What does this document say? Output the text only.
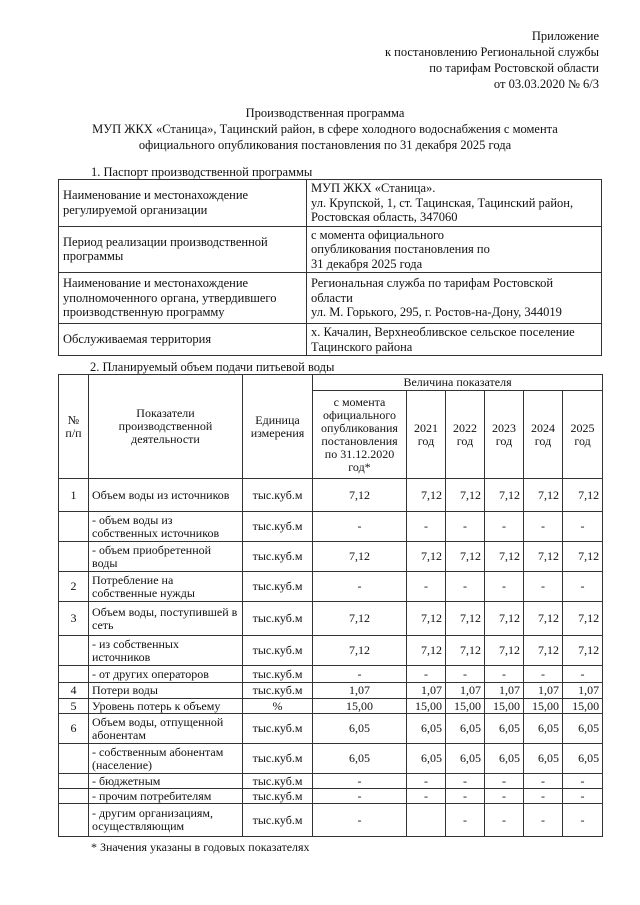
Приложение
к постановлению Региональной службы
по тарифам Ростовской области
от 03.03.2020 № 6/3
Производственная программа
МУП ЖКХ «Станица», Тацинский район, в сфере холодного водоснабжения с момента
официального опубликования постановления по 31 декабря 2025 года
1. Паспорт производственной программы
Наименование и местонахождение регулируемой организации	МУП ЖКХ «Станица».
ул. Крупской, 1, ст. Тацинская, Тацинский район,
Ростовская область, 347060

Период реализации производственной программы	с момента официального
опубликования постановления по
31 декабря 2025 года

Наименование и местонахождение уполномоченного органа, утвердившего производственную программу	Региональная служба по тарифам Ростовской
области
ул. М. Горького, 295, г. Ростов-на-Дону, 344019

Обслуживаемая территория	х. Качалин, Верхнеобливское сельское поселение
Тацинского района
2. Планируемый объем подачи питьевой воды
№ п/п	Показатели производственной деятельности	Единица измерения	Величина показателя					
			с момента официального опубликования постановления по 31.12.2020 год*	2021 год	2022 год	2023 год	2024 год	2025 год
1	Объем воды из источников	тыс.куб.м	7,12	7,12	7,12	7,12	7,12	7,12
	- объем воды из собственных источников	тыс.куб.м	-	-	-	-	-	-
	- объем приобретенной воды	тыс.куб.м	7,12	7,12	7,12	7,12	7,12	7,12
2	Потребление на собственные нужды	тыс.куб.м	-	-	-	-	-	-
3	Объем воды, поступившей в сеть	тыс.куб.м	7,12	7,12	7,12	7,12	7,12	7,12
	- из собственных источников	тыс.куб.м	7,12	7,12	7,12	7,12	7,12	7,12
	- от других операторов	тыс.куб.м	-	-	-	-	-	-
4	Потери воды	тыс.куб.м	1,07	1,07	1,07	1,07	1,07	1,07
5	Уровень потерь к объему	%	15,00	15,00	15,00	15,00	15,00	15,00
6	Объем воды, отпущенной абонентам	тыс.куб.м	6,05	6,05	6,05	6,05	6,05	6,05
	- собственным абонентам (население)	тыс.куб.м	6,05	6,05	6,05	6,05	6,05	6,05
	- бюджетным	тыс.куб.м	-	-	-	-	-	-
	- прочим потребителям	тыс.куб.м	-	-	-	-	-	-
	- другим организациям, осуществляющим	тыс.куб.м	-		-	-	-	-
* Значения указаны в годовых показателях
